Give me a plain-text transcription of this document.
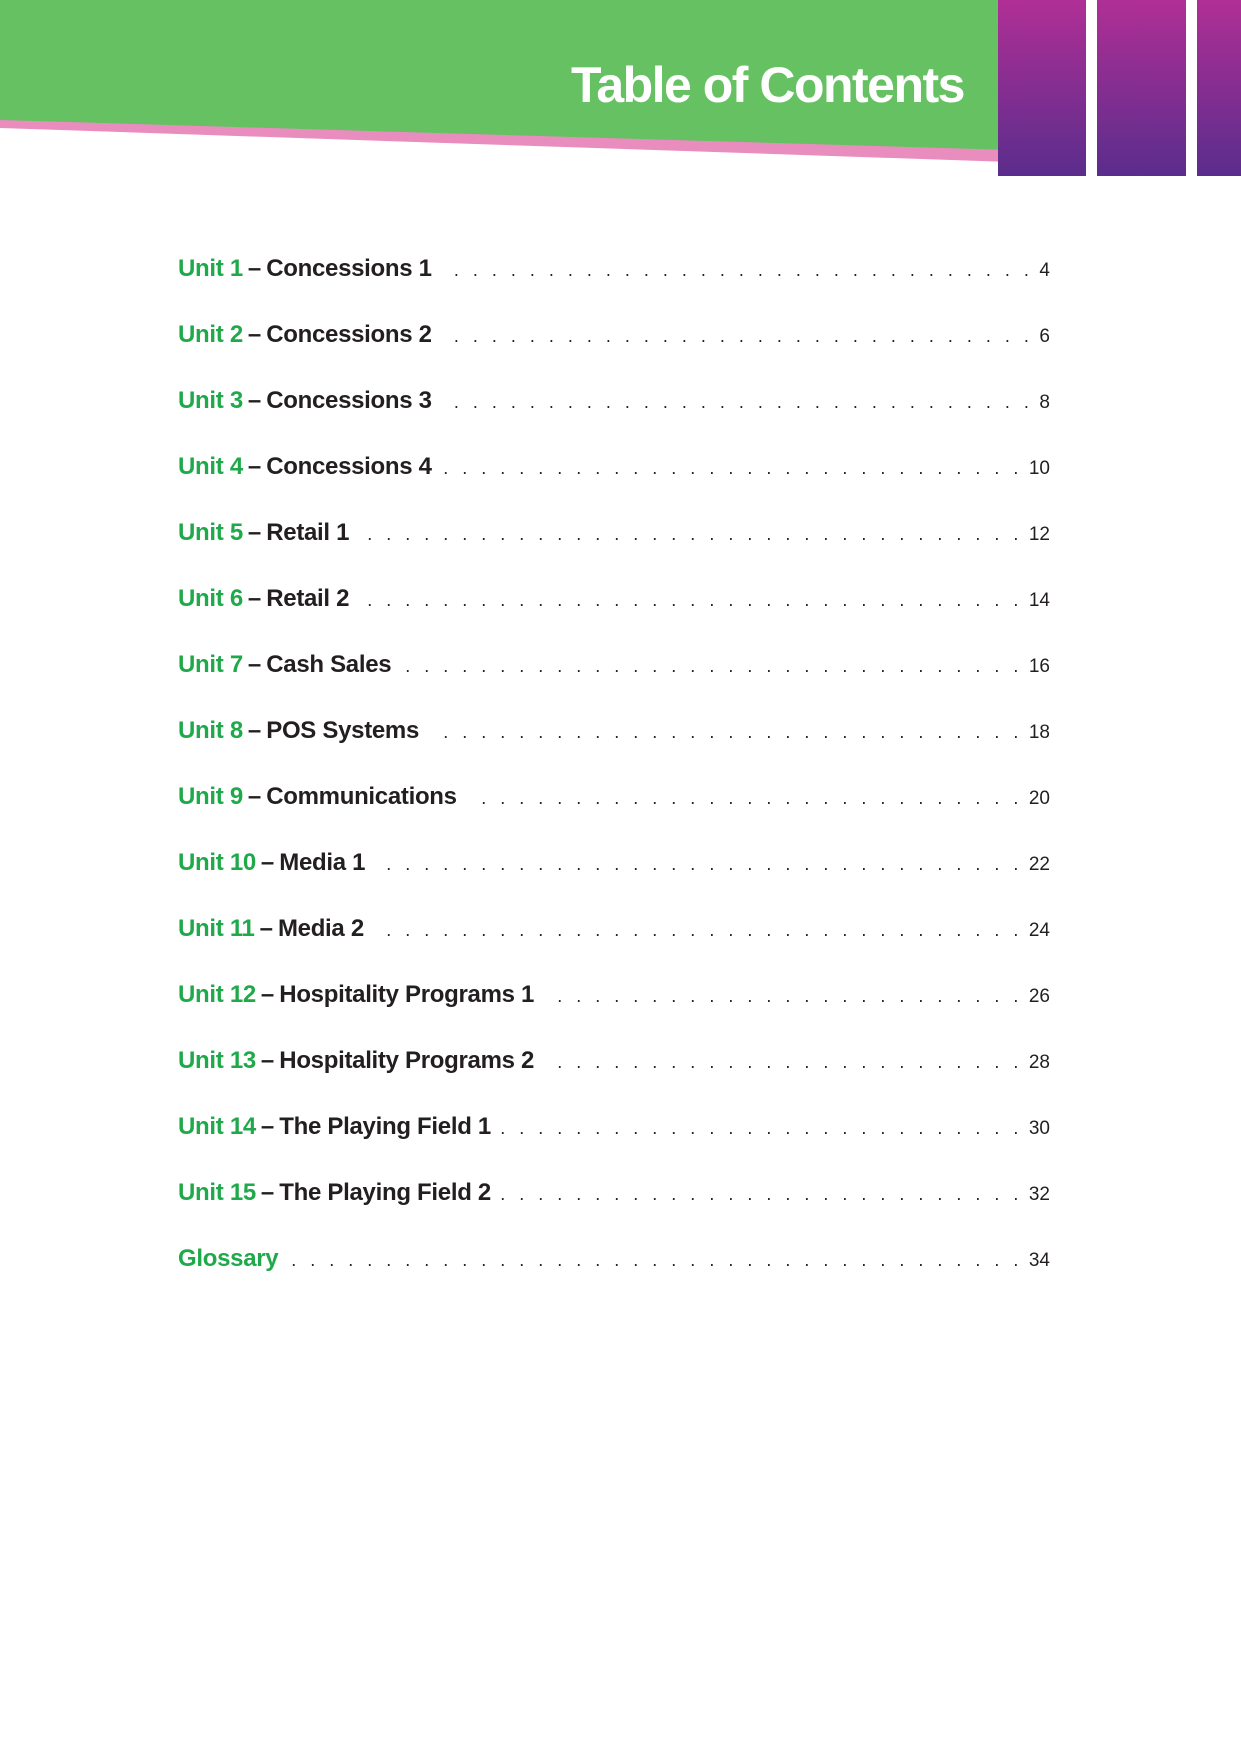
Table of Contents
Unit 1 – Concessions 1 . . .	4
Unit 2 – Concessions 2 . . .	6
Unit 3 – Concessions 3 . . .	8
Unit 4 – Concessions 4 . . .	10
Unit 5 – Retail 1 . . .	12
Unit 6 – Retail 2 . . .	14
Unit 7 – Cash Sales . . .	16
Unit 8 – POS Systems . . .	18
Unit 9 – Communications . . .	20
Unit 10 – Media 1 . . .	22
Unit 11 – Media 2 . . .	24
Unit 12 – Hospitality Programs 1 . . .	26
Unit 13 – Hospitality Programs 2 . . .	28
Unit 14 – The Playing Field 1 . . .	30
Unit 15 – The Playing Field 2 . . .	32
Glossary . . .	34
